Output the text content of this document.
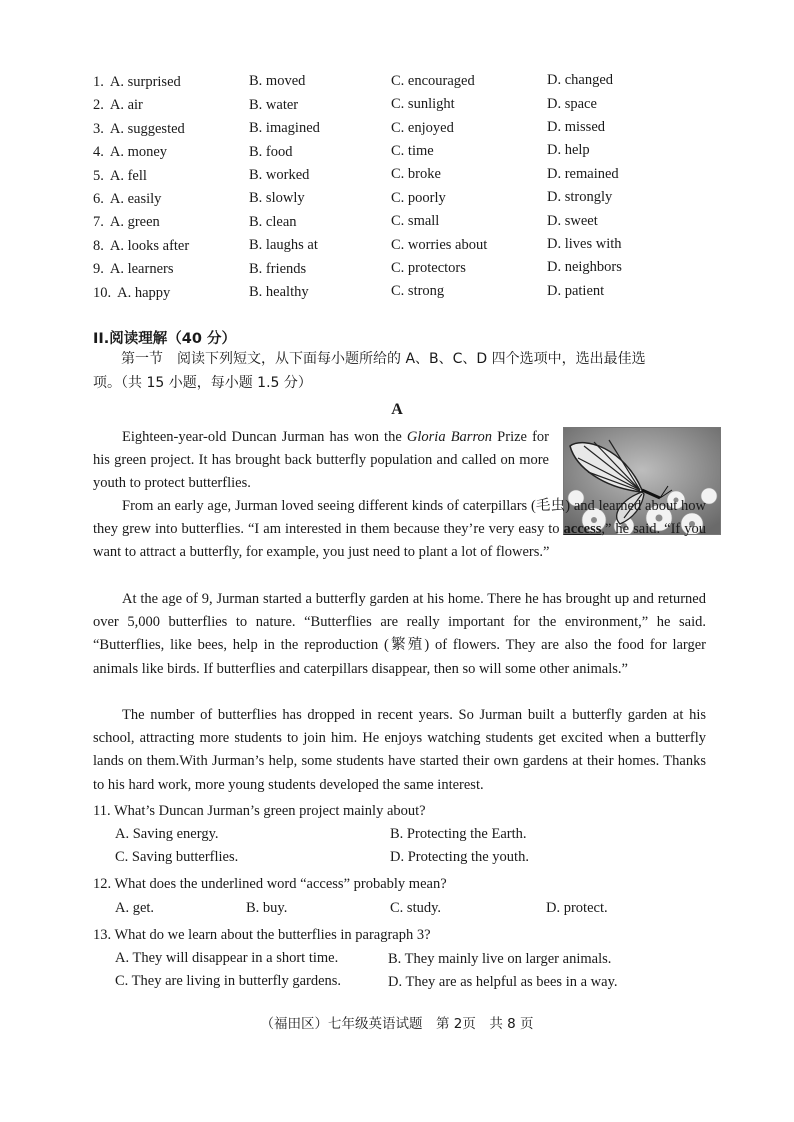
1. A. surprised	B. moved	C. encouraged	D. changed
2. A. air	B. water	C. sunlight	D. space
3. A. suggested	B. imagined	C. enjoyed	D. missed
4. A. money	B. food	C. time	D. help
5. A. fell	B. worked	C. broke	D. remained
6. A. easily	B. slowly	C. poorly	D. strongly
7. A. green	B. clean	C. small	D. sweet
8. A. looks after	B. laughs at	C. worries about	D. lives with
9. A. learners	B. friends	C. protectors	D. neighbors
10. A. happy	B. healthy	C. strong	D. patient
II.阅读理解（40 分）
第一节　阅读下列短文，从下面每小题所给的 A、B、C、D 四个选项中，选出最佳选
项。（共 15 小题，每小题 1.5 分）
A

Eighteen-year-old Duncan Jurman has won the Gloria Barron Prize for his green project. It has brought back butterfly population and called on more youth to protect butterflies.

From an early age, Jurman loved seeing different kinds of caterpillars (毛虫) and learned about how they grew into butterflies. “I am interested in them because they’re very easy to access,” he said. “If you want to attract a butterfly, for example, you just need to plant a lot of flowers.”

At the age of 9, Jurman started a butterfly garden at his home. There he has brought up and returned over 5,000 butterflies to nature. “Butterflies are really important for the environment,” he said. “Butterflies, like bees, help in the reproduction (繁殖) of flowers. They are also the food for larger animals like birds. If butterflies and caterpillars disappear, then so will some other animals.”

The number of butterflies has dropped in recent years. So Jurman built a butterfly garden at his school, attracting more students to join him. He enjoys watching students get excited when a butterfly lands on them.With Jurman’s help, some students have started their own gardens at their homes. Thanks to his hard work, more young students developed the same interest.

11. What’s Duncan Jurman’s green project mainly about?
A. Saving energy.	B. Protecting the Earth.
C. Saving butterflies.	D. Protecting the youth.
12. What does the underlined word “access” probably mean?
A. get.	B. buy.	C. study.	D. protect.
13. What do we learn about the butterflies in paragraph 3?
A. They will disappear in a short time.	B. They mainly live on larger animals.
C. They are living in butterfly gardens.	D. They are as helpful as bees in a way.
（福田区）七年级英语试题　第 2页　共 8 页
